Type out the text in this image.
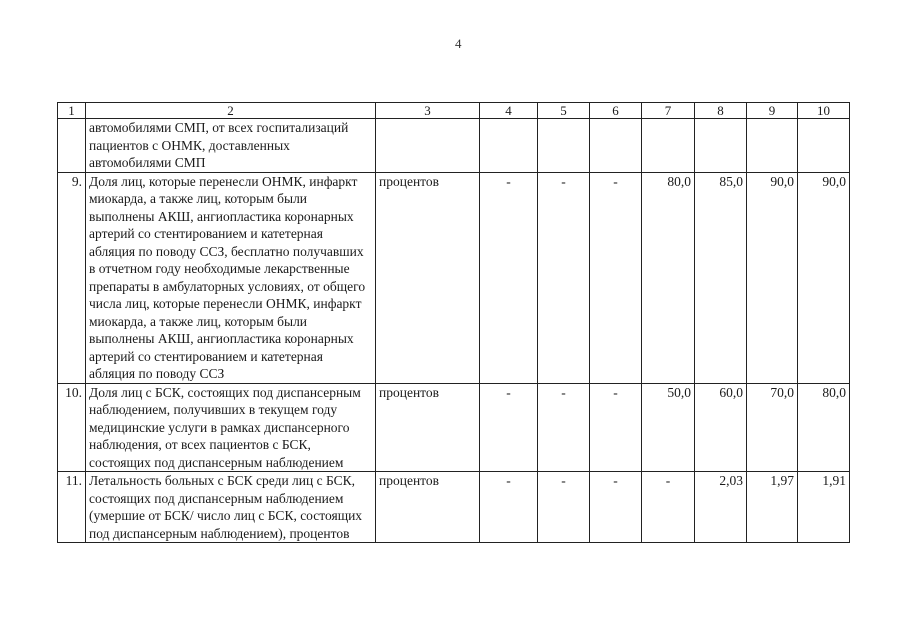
4
1	2	3	4	5	6	7	8	9	10
	автомобилями СМП, от всех госпитализаций пациентов с ОНМК, доставленных автомобилями СМП								
9.	Доля лиц, которые перенесли ОНМК, инфаркт миокарда, а также лиц, которым были выполнены АКШ, ангиопластика коронарных артерий со стентированием и катетерная абляция по поводу ССЗ, бесплатно получавших в отчетном году необходимые лекарственные препараты в амбулаторных условиях, от общего числа лиц, которые перенесли ОНМК, инфаркт миокарда, а также лиц, которым были выполнены АКШ, ангиопластика коронарных артерий со стентированием и катетерная абляция по поводу ССЗ	процентов	-	-	-	80,0	85,0	90,0	90,0
10.	Доля лиц с БСК, состоящих под диспансерным наблюдением, получивших в текущем году медицинские услуги в рамках диспансерного наблюдения, от всех пациентов с БСК, состоящих под диспансерным наблюдением	процентов	-	-	-	50,0	60,0	70,0	80,0
11.	Летальность больных с БСК среди лиц с БСК, состоящих под диспансерным наблюдением (умершие от БСК/ число лиц с БСК, состоящих под диспансерным наблюдением), процентов	процентов	-	-	-	-	2,03	1,97	1,91
